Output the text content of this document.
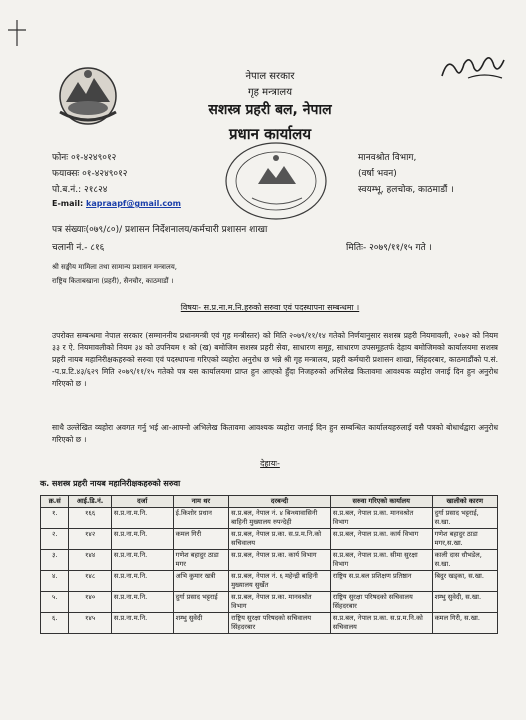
नेपाल सरकार
गृह मन्त्रालय
सशस्त्र प्रहरी बल, नेपाल
प्रधान कार्यालय
फोनः ०१-४२४९०१२
फयाक्सः ०१-४२४९०१२
पो.ब.नं.: २१८२४
E-mail: kapraapf@gmail.com
मानवश्रोत विभाग,
(वर्षा भवन)
स्वयम्भू, हलचोक, काठमाडौं ।
पत्र संख्याः(०७९/८०)/ प्रशासन निर्देशनालय/कर्मचारी प्रशासन शाखा
चलानी नं.- ८१६	मितिः- २०७९/११/१५ गते ।
श्री सङ्घीय मामिला तथा सामान्य प्रशासन मन्त्रालय,
राष्ट्रिय किताबखाना (प्रहरी), सैनचौर, काठमाडौं ।
विषयः- स.प्र.ना.म.नि.हरुको सरुवा एवं पदस्थापना सम्बन्धमा ।
उपरोक्त सम्बन्धमा नेपाल सरकार (सम्माननीय प्रधानमन्त्री एवं गृह मन्त्रीस्तर) को मिति २०७९/११/१४ गतेको निर्णयानुसार सशस्त्र प्रहरी नियमावली, २०७२ को नियम ३३ र ऐ. नियमावलीको नियम ३४ को उपनियम १ को (ख) बमोजिम सशस्त्र प्रहरी सेवा, साधारण समूह, साधारण उपसमूहतर्फ देहाय बमोजिमको कार्यालयमा सशस्त्र प्रहरी नायब महानिरीक्षकहरुको सरुवा एवं पदस्थापना गरिएको व्यहोरा अनुरोध छ भन्ने श्री गृह मन्त्रालय, प्रहरी कर्मचारी प्रशासन शाखा, सिंहदरबार, काठमाडौंको प.सं. -प.प्र.टि.४३/६२९ मिति २०७९/११/१५ गतेको पत्र यस कार्यालयमा प्राप्त हुन आएको हुँदा निजहरुको अभिलेख कितावमा आवश्यक व्यहोरा जनाई दिन हुन अनुरोध गरिएको छ ।
साथै उल्लेखित व्यहोरा अवगत गर्नु भई आ-आफ्नो अभिलेख कितावमा आवश्यक व्यहोरा जनाई दिन हुन सम्बन्धित कार्यालयहरुलाई यसै पत्रको बोधार्थद्वारा अनुरोध गरिएको छ ।
देहायः-
क. सशस्त्र प्रहरी नायब महानिरीक्षकहरुको सरुवा
क्र.सं	आई.डि.नं.	दर्जा	नाम थर	दरबन्दी	सरुवा गरिएको कार्यालय	खालीको कारण
१.	१६६	स.प्र.ना.म.नि.	ई.किशोर प्रधान	स.प्र.बल, नेपाल नं. ४ बिन्ध्यावासिनी बाहिनी मुख्यालय रुपन्देही	स.प्र.बल, नेपाल प्र.का. मानवश्रोत विभाग	दुर्गा प्रसाद भट्टराई, स.खा.
२.	१४२	स.प्र.ना.म.नि.	कमल गिरी	स.प्र.बल, नेपाल प्र.का. स.प्र.म.नि.को सचिवालय	स.प्र.बल, नेपाल प्र.का. कार्य विभाग	गणेश बहादुर ठाडा मगर,स.खा.
३.	१४४	स.प्र.ना.म.नि.	गणेश बहादुर ठाडा मगर	स.प्र.बल, नेपाल प्र.का. कार्य विभाग	स.प्र.बल, नेपाल प्र.का. सीमा सुरक्षा विभाग	काली दास धौभडेल, स.खा.
४.	१४८	स.प्र.ना.म.नि.	अभि कुमार खत्री	स.प्र.बल, नेपाल नं. ६ महेन्द्री बाहिनी मुख्यालय सुर्खेत	राष्ट्रिय स.प्र.बल प्रशिक्षण प्रतिष्ठान	बिदुर खड्का, स.खा.
५.	१४०	स.प्र.ना.म.नि.	दुर्गा प्रसाद भट्टराई	स.प्र.बल, नेपाल प्र.का. मानवश्रोत विभाग	राष्ट्रिय सुरक्षा परिषदको सचिवालय सिंहदरबार	शम्भु सुवेदी, स.खा.
६.	१४५	स.प्र.ना.म.नि.	शम्भु सुवेदी	राष्ट्रिय सुरक्षा परिषदको सचिवालय सिंहदरबार	स.प्र.बल, नेपाल प्र.का. स.प्र.म.नि.को सचिवालय	कमल गिरी, स.खा.
